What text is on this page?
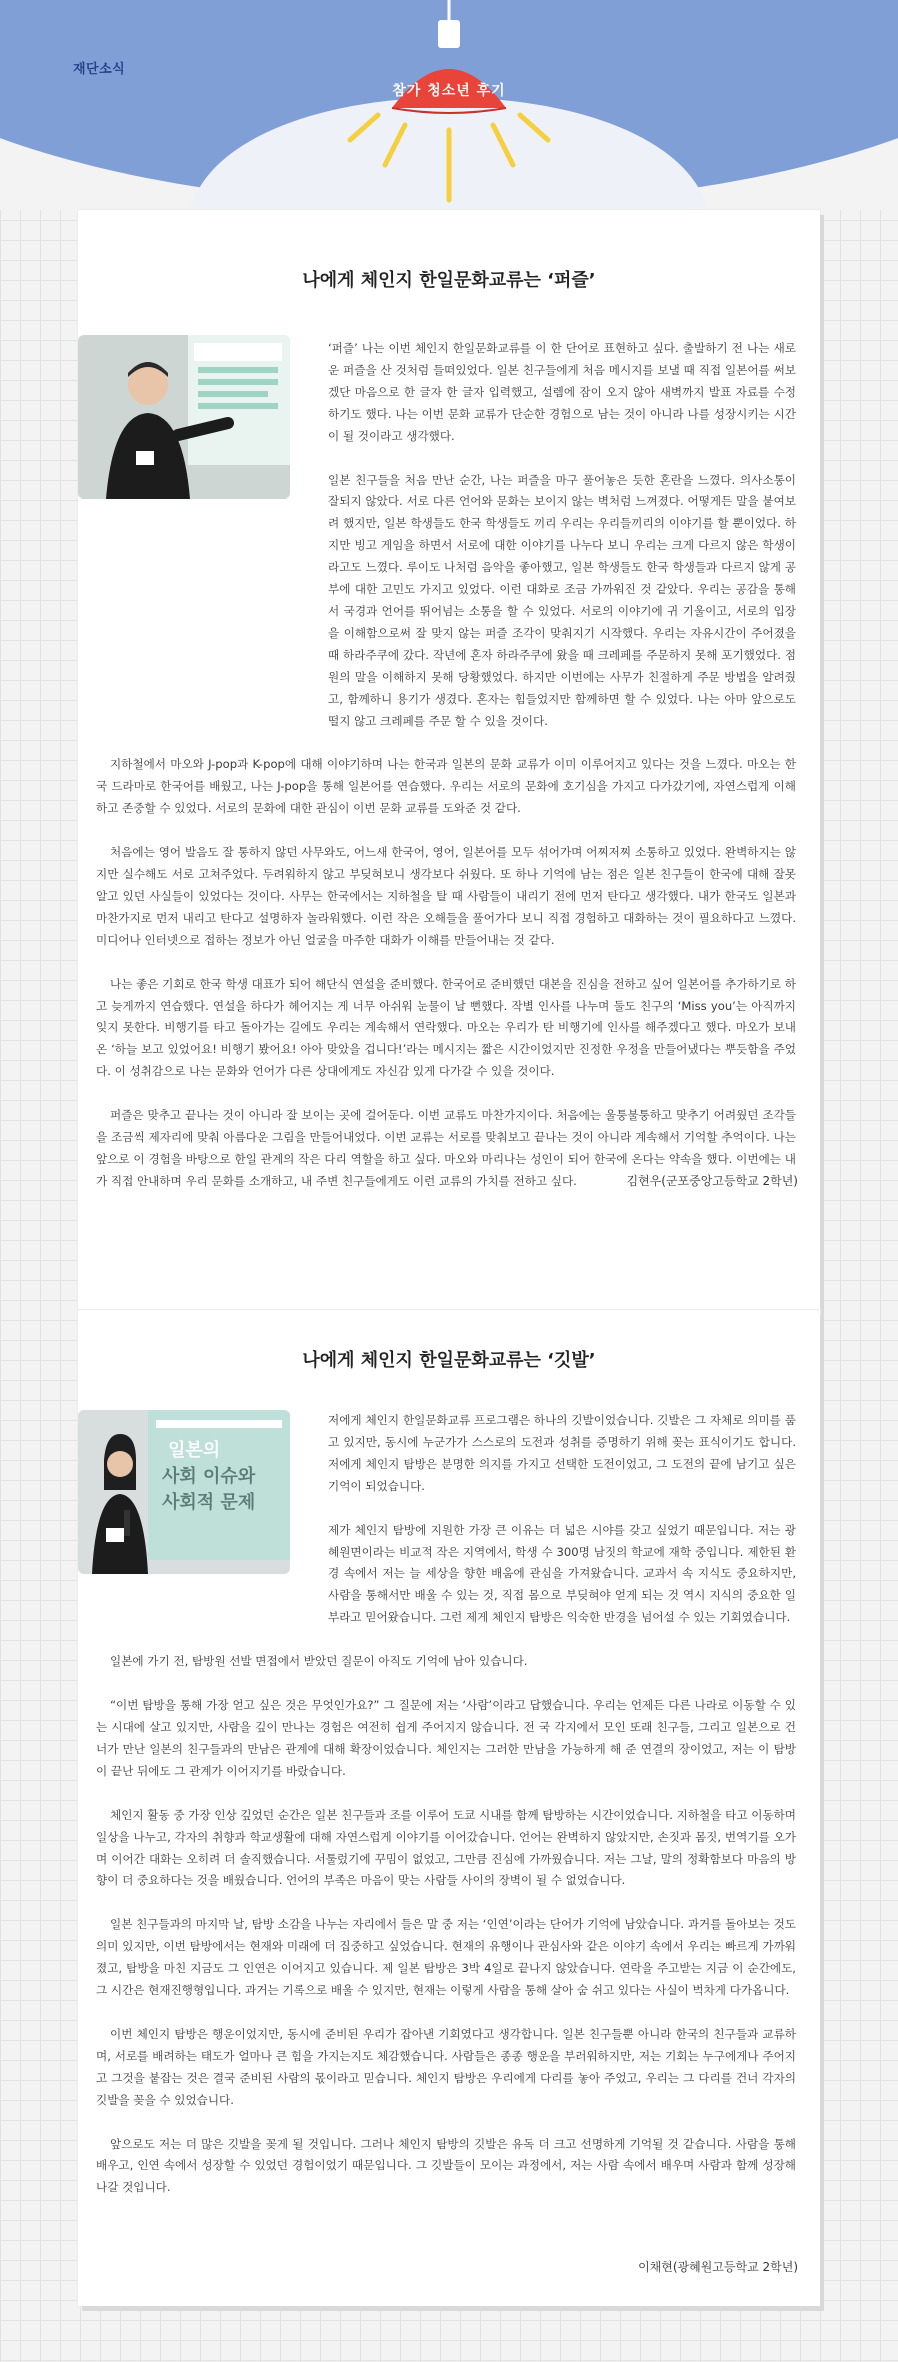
재단소식
참가 청소년 후기
나에게 체인지 한일문화교류는 ‘퍼즐’

‘퍼즐’ 나는 이번 체인지 한일문화교류를 이 한 단어로 표현하고 싶다. 출발하기 전 나는 새로운 퍼즐을 산 것처럼 들떠있었다. 일본 친구들에게 처음 메시지를 보낼 때 직접 일본어를 써보겠단 마음으로 한 글자 한 글자 입력했고, 설렘에 잠이 오지 않아 새벽까지 발표 자료를 수정하기도 했다. 나는 이번 문화 교류가 단순한 경험으로 남는 것이 아니라 나를 성장시키는 시간이 될 것이라고 생각했다.

일본 친구들을 처음 만난 순간, 나는 퍼즐을 마구 풀어놓은 듯한 혼란을 느꼈다. 의사소통이 잘되지 않았다. 서로 다른 언어와 문화는 보이지 않는 벽처럼 느껴졌다. 어떻게든 말을 붙여보려 했지만, 일본 학생들도 한국 학생들도 끼리 우리는 우리들끼리의 이야기를 할 뿐이었다. 하지만 빙고 게임을 하면서 서로에 대한 이야기를 나누다 보니 우리는 크게 다르지 않은 학생이라고도 느꼈다. 루이도 나처럼 음악을 좋아했고, 일본 학생들도 한국 학생들과 다르지 않게 공부에 대한 고민도 가지고 있었다. 이런 대화로 조금 가까워진 것 같았다. 우리는 공감을 통해서 국경과 언어를 뛰어넘는 소통을 할 수 있었다. 서로의 이야기에 귀 기울이고, 서로의 입장을 이해함으로써 잘 맞지 않는 퍼즐 조각이 맞춰지기 시작했다. 우리는 자유시간이 주어졌을 때 하라주쿠에 갔다. 작년에 혼자 하라주쿠에 왔을 때 크레페를 주문하지 못해 포기했었다. 점원의 말을 이해하지 못해 당황했었다. 하지만 이번에는 사무가 친절하게 주문 방법을 알려줬고, 함께하니 용기가 생겼다. 혼자는 힘들었지만 함께하면 할 수 있었다. 나는 아마 앞으로도 떨지 않고 크레페를 주문 할 수 있을 것이다.

지하철에서 마오와 J-pop과 K-pop에 대해 이야기하며 나는 한국과 일본의 문화 교류가 이미 이루어지고 있다는 것을 느꼈다. 마오는 한국 드라마로 한국어를 배웠고, 나는 J-pop을 통해 일본어를 연습했다. 우리는 서로의 문화에 호기심을 가지고 다가갔기에, 자연스럽게 이해하고 존중할 수 있었다. 서로의 문화에 대한 관심이 이번 문화 교류를 도와준 것 같다.

처음에는 영어 발음도 잘 통하지 않던 사무와도, 어느새 한국어, 영어, 일본어를 모두 섞어가며 어찌저찌 소통하고 있었다. 완벽하지는 않지만 실수해도 서로 고쳐주었다. 두려워하지 않고 부딪혀보니 생각보다 쉬웠다. 또 하나 기억에 남는 점은 일본 친구들이 한국에 대해 잘못 알고 있던 사실들이 있었다는 것이다. 사무는 한국에서는 지하철을 탈 때 사람들이 내리기 전에 먼저 탄다고 생각했다. 내가 한국도 일본과 마찬가지로 먼저 내리고 탄다고 설명하자 놀라워했다. 이런 작은 오해들을 풀어가다 보니 직접 경험하고 대화하는 것이 필요하다고 느꼈다. 미디어나 인터넷으로 접하는 정보가 아닌 얼굴을 마주한 대화가 이해를 만들어내는 것 같다.

나는 좋은 기회로 한국 학생 대표가 되어 해단식 연설을 준비했다. 한국어로 준비했던 대본을 진심을 전하고 싶어 일본어를 추가하기로 하고 늦게까지 연습했다. 연설을 하다가 헤어지는 게 너무 아쉬워 눈물이 날 뻔했다. 작별 인사를 나누며 둘도 친구의 ‘Miss you’는 아직까지 잊지 못한다. 비행기를 타고 돌아가는 길에도 우리는 계속해서 연락했다. 마오는 우리가 탄 비행기에 인사를 해주겠다고 했다. 마오가 보내온 ‘하늘 보고 있었어요! 비행기 봤어요! 아아 맞았을 겁니다!’라는 메시지는 짧은 시간이었지만 진정한 우정을 만들어냈다는 뿌듯함을 주었다. 이 성취감으로 나는 문화와 언어가 다른 상대에게도 자신감 있게 다가갈 수 있을 것이다.

퍼즐은 맞추고 끝나는 것이 아니라 잘 보이는 곳에 걸어둔다. 이번 교류도 마찬가지이다. 처음에는 울퉁불퉁하고 맞추기 어려웠던 조각들을 조금씩 제자리에 맞춰 아름다운 그림을 만들어내었다. 이번 교류는 서로를 맞춰보고 끝나는 것이 아니라 계속해서 기억할 추억이다. 나는 앞으로 이 경험을 바탕으로 한일 관계의 작은 다리 역할을 하고 싶다. 마오와 마리나는 성인이 되어 한국에 온다는 약속을 했다. 이번에는 내가 직접 안내하며 우리 문화를 소개하고, 내 주변 친구들에게도 이런 교류의 가치를 전하고 싶다.	김현우(군포중앙고등학교 2학년)
나에게 체인지 한일문화교류는 ‘깃발’
일본의
사회 이슈와
사회적 문제

저에게 체인지 한일문화교류 프로그램은 하나의 깃발이었습니다. 깃발은 그 자체로 의미를 품고 있지만, 동시에 누군가가 스스로의 도전과 성취를 증명하기 위해 꽂는 표식이기도 합니다. 저에게 체인지 탐방은 분명한 의지를 가지고 선택한 도전이었고, 그 도전의 끝에 남기고 싶은 기억이 되었습니다.

제가 체인지 탐방에 지원한 가장 큰 이유는 더 넓은 시야를 갖고 싶었기 때문입니다. 저는 광혜원면이라는 비교적 작은 지역에서, 학생 수 300명 남짓의 학교에 재학 중입니다. 제한된 환경 속에서 저는 늘 세상을 향한 배움에 관심을 가져왔습니다. 교과서 속 지식도 중요하지만, 사람을 통해서만 배울 수 있는 것, 직접 몸으로 부딪혀야 얻게 되는 것 역시 지식의 중요한 일부라고 믿어왔습니다. 그런 제게 체인지 탐방은 익숙한 반경을 넘어설 수 있는 기회였습니다.

일본에 가기 전, 탐방원 선발 면접에서 받았던 질문이 아직도 기억에 남아 있습니다.

“이번 탐방을 통해 가장 얻고 싶은 것은 무엇인가요?” 그 질문에 저는 ‘사람’이라고 답했습니다. 우리는 언제든 다른 나라로 이동할 수 있는 시대에 살고 있지만, 사람을 깊이 만나는 경험은 여전히 쉽게 주어지지 않습니다. 전 국 각지에서 모인 또래 친구들, 그리고 일본으로 건너가 만난 일본의 친구들과의 만남은 관계에 대해 확장이었습니다. 체인지는 그러한 만남을 가능하게 해 준 연결의 장이었고, 저는 이 탐방이 끝난 뒤에도 그 관계가 이어지기를 바랐습니다.

체인지 활동 중 가장 인상 깊었던 순간은 일본 친구들과 조를 이루어 도쿄 시내를 함께 탐방하는 시간이었습니다. 지하철을 타고 이동하며 일상을 나누고, 각자의 취향과 학교생활에 대해 자연스럽게 이야기를 이어갔습니다. 언어는 완벽하지 않았지만, 손짓과 몸짓, 번역기를 오가며 이어간 대화는 오히려 더 솔직했습니다. 서툴렀기에 꾸밈이 없었고, 그만큼 진심에 가까웠습니다. 저는 그날, 말의 정확함보다 마음의 방향이 더 중요하다는 것을 배웠습니다. 언어의 부족은 마음이 맞는 사람들 사이의 장벽이 될 수 없었습니다.

일본 친구들과의 마지막 날, 탐방 소감을 나누는 자리에서 들은 말 중 저는 ‘인연’이라는 단어가 기억에 남았습니다. 과거를 돌아보는 것도 의미 있지만, 이번 탐방에서는 현재와 미래에 더 집중하고 싶었습니다. 현재의 유행이나 관심사와 같은 이야기 속에서 우리는 빠르게 가까워졌고, 탐방을 마친 지금도 그 인연은 이어지고 있습니다. 제 일본 탐방은 3박 4일로 끝나지 않았습니다. 연락을 주고받는 지금 이 순간에도, 그 시간은 현재진행형입니다. 과거는 기록으로 배울 수 있지만, 현재는 이렇게 사람을 통해 살아 숨 쉬고 있다는 사실이 벅차게 다가옵니다.

이번 체인지 탐방은 행운이었지만, 동시에 준비된 우리가 잡아낸 기회였다고 생각합니다. 일본 친구들뿐 아니라 한국의 친구들과 교류하며, 서로를 배려하는 태도가 얼마나 큰 힘을 가지는지도 체감했습니다. 사람들은 종종 행운을 부러워하지만, 저는 기회는 누구에게나 주어지고 그것을 붙잡는 것은 결국 준비된 사람의 몫이라고 믿습니다. 체인지 탐방은 우리에게 다리를 놓아 주었고, 우리는 그 다리를 건너 각자의 깃발을 꽂을 수 있었습니다.

앞으로도 저는 더 많은 깃발을 꽂게 될 것입니다. 그러나 체인지 탐방의 깃발은 유독 더 크고 선명하게 기억될 것 같습니다. 사람을 통해 배우고, 인연 속에서 성장할 수 있었던 경험이었기 때문입니다. 그 깃발들이 모이는 과정에서, 저는 사람 속에서 배우며 사람과 함께 성장해 나갈 것입니다.

이채현(광혜원고등학교 2학년)
